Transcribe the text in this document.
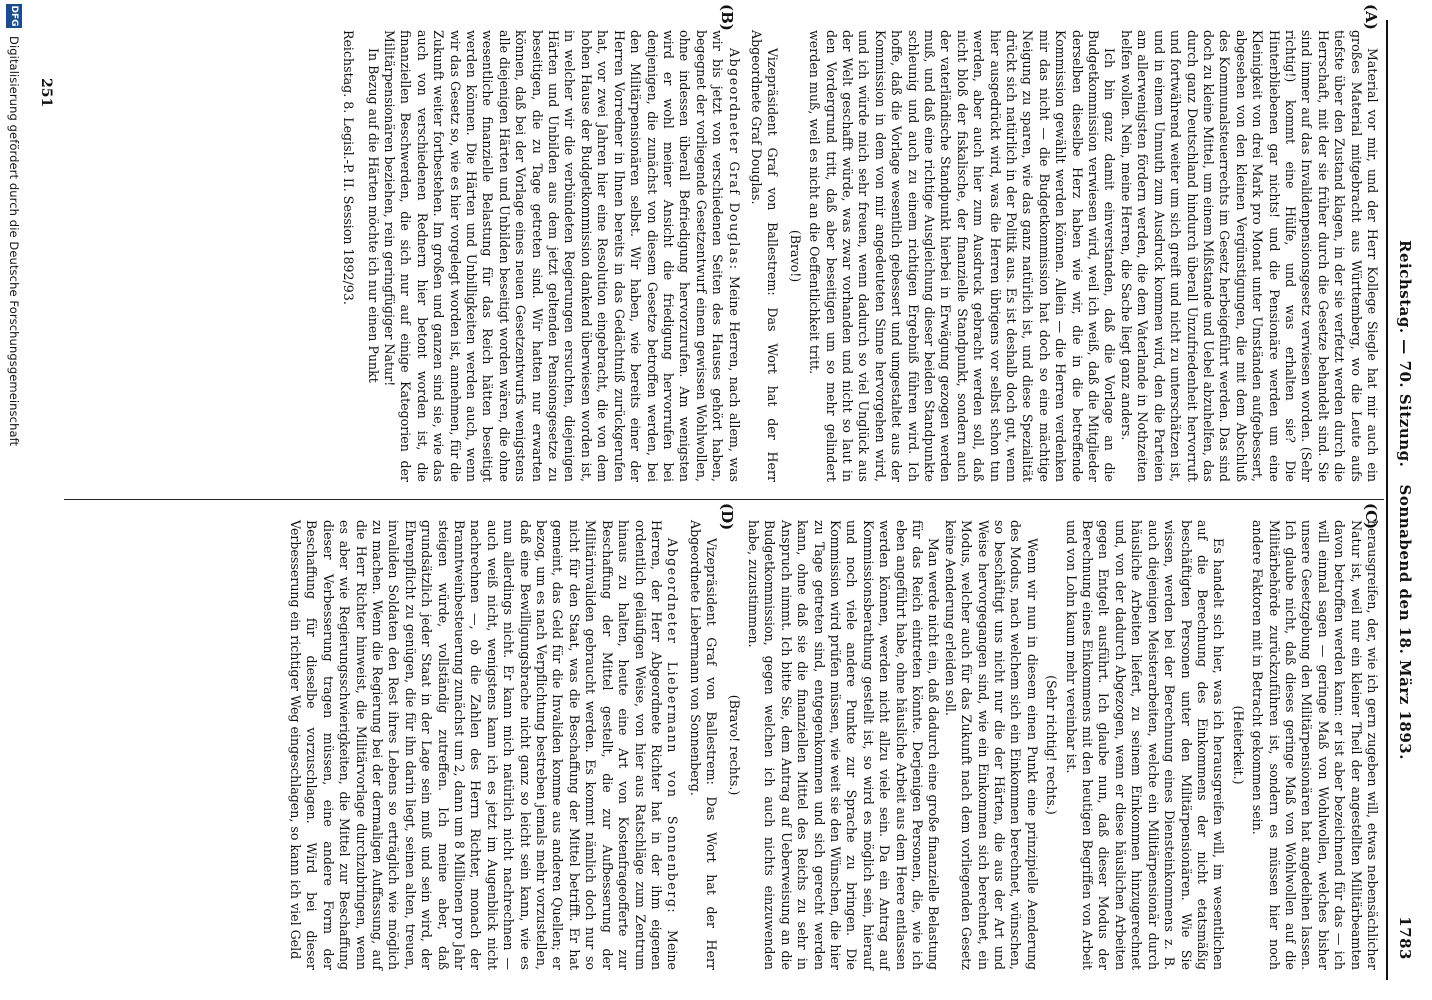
1783
Reichstag. — 70. Sitzung.   Sonnabend den 18. März 1893.
(A)
(B)
(C)
(D)

Material vor mir, und der Herr Kollege Siegle hat mir auch ein großes Material mitgebracht aus Württemberg, wo die Leute aufs tiefste über den Zustand klagen, in der sie verfetzt werden durch die Herrschaft, mit der sie früher durch die Gesetze behandelt sind. Sie sind immer auf das Invalidenpensionsgesetz verwiesen worden. (Sehr richtig!) kommt eine Hülfe, und was erhalten sie? Die Hinterbliebenen gar nichts! und die Pensionäre werden um eine Kleinigkeit von drei Mark pro Monat unter Umständen aufgebessert, abgesehen von den kleinen Vergünstigungen, die mit dem Abschluß des Kommunalsteuerrechts im Gesetz herbeigeführt werden. Das sind doch zu kleine Mittel, um einem Mißstande und Uebel abzuhelfen, das durch ganz Deutschland hindurch überall Unzufriedenheit hervorruft und fortwährend weiter um sich greift und nicht zu unterschätzen ist, und in einem Unmuth zum Ausdruck kommen wird, den die Parteien am allerwenigsten fördern werden, die dem Vaterlande in Nothzeiten helfen wollen. Nein, meine Herren, die Sache liegt ganz anders.

Ich bin ganz damit einverstanden, daß die Vorlage an die Budgetkommission verwiesen wird, weil ich weiß, daß die Mitglieder derselben dieselbe Herz haben wie wir, die in die betreffende Kommission gewählt werden können. Allein — die Herren verdenken mir das nicht — die Budgetkommission hat doch so eine mächtige Neigung zu sparen, wie das ganz natürlich ist, und diese Spezialität drückt sich natürlich in der Politik aus. Es ist deshalb doch gut, wenn hier ausgedrückt wird, was die Herren übrigens vor selbst schon tun werden, aber auch hier zum Ausdruck gebracht werden soll, daß nicht bloß der fiskalische, der finanzielle Standpunkt, sondern auch der vaterländische Standpunkt hierbei in Erwägung gezogen werden muß, und daß eine richtige Ausgleichung dieser beiden Standpunkte schleunig und auch zu einem richtigen Ergebniß führen wird. Ich hoffe, daß die Vorlage wesentlich gebessert und umgestaltet aus der Kommission in dem von mir angedeuteten Sinne hervorgehen wird, und ich würde mich sehr freuen, wenn dadurch so viel Unglück aus der Welt geschafft würde, was zwar vorhanden und nicht so laut in den Vordergrund tritt, daß aber beseitigen um so mehr gelindert werden muß, weil es nicht an die Oeffentlichkeit tritt.

(Bravo!)

Vizepräsident Graf von Ballestrem: Das Wort hat der Herr Abgeordnete Graf Douglas.

Abgeordneter Graf Douglas: Meine Herren, nach allem, was wir bis jetzt von verschiedenen Seiten des Hauses gehört haben, begegnet der vorliegende Gesetzentwurf einem gewissen Wohlwollen, ohne indessen überall Befriedigung hervorzurufen. Am wenigsten wird er wohl meiner Ansicht die friedigung hervorrufen bei denjenigen, die zunächst von diesem Gesetze betroffen werden, bei den Militärpensionären selbst. Wir haben, wie bereits einer der Herren Vorredner in Ihnen bereits in das Gedächtniß zurückgerufen hat, vor zwei Jahren hier eine Resolution eingebracht, die von dem hohen Hause der Budgetkommission dankend überwiesen worden ist, in welcher wir die verbündeten Regierungen ersuchten, diejenigen Härten und Unbilden aus dem jetzt geltenden Pensionsgesetze zu beseitigen, die zu Tage getreten sind. Wir hatten nur erwarten können, daß bei der Vorlage eines neuen Gesetzentwurfs wenigstens alle diejenigen Härten und Unbilden beseitigt worden wären, die ohne wesentliche finanzielle Belastung für das Reich hätten beseitigt werden können. Die Härten und Unbilligkeiten werden auch, wenn wir das Gesetz so, wie es hier vorgelegt worden ist, annehmen, für die Zukunft weiter fortbestehen. Im großen und ganzen sind sie, wie das auch von verschiedenen Rednern hier betont worden ist, die finanziellen Beschwerden, die sich nur auf einige Kategorien der Militärpensionären beziehen, rein geringfügiger Natur!

In Bezug auf die Härten möchte ich nur einen Punkt

Reichstag. 8. Legisl.-P. II. Session 1892/93.

herausgreifen, der, wie ich gern zugeben will, etwas nebensächlicher Natur ist, weil nur ein kleiner Theil der angestellten Militärbeamten davon betroffen werden kann: er ist aber bezeichnend für das — ich will einmal sagen — geringe Maß von Wohlwollen, welches bisher unsere Gesetzgebung den Militärpensionären hat angedeihen lassen. Ich glaube nicht, daß dieses geringe Maß von Wohlwollen auf die Militärbehörde zurückzuführen ist, sondern es müssen hier noch andere Faktoren mit in Betracht gekommen sein.

(Heiterkeit.)

Es handelt sich hier, was ich herausgreifen will, im wesentlichen auf die Berechnung des Einkommens der nicht etatsmäßig beschäftigten Personen unter den Militärpensionären. Wie Sie wissen, werden bei der Berechnung eines Diensteinkommens z. B. auch diejenigen Meisterarbeiten, welche ein Militärpensionär durch häusliche Arbeiten liefert, zu seinem Einkommen hinzugerechnet und, von der dadurch Abgezogen, wenn er diese häuslichen Arbeiten gegen Entgelt ausführt. Ich glaube nun, daß dieser Modus der Berechnung eines Einkommens mit den heutigen Begriffen von Arbeit und von Lohn kaum mehr vereinbar ist.

(Sehr richtig! rechts.)

Wenn wir nun in diesem einen Punkt eine prinzipielle Aenderung des Modus, nach welchem sich ein Einkommen berechnet, wünschen, so beschäftigt uns nicht nur die der Härten, die aus der Art und Weise hervorgegangen sind, wie ein Einkommen sich berechnet, ein Modus, welcher auch für das Zukunft nach dem vorliegenden Gesetz keine Aenderung erleiden soll.

Man werde nicht ein, daß dadurch eine große finanzielle Belastung für das Reich eintreten könnte. Derjenigen Personen, die, wie ich eben angeführt habe, ohne häusliche Arbeit aus dem Heere entlassen werden können, werden nicht allzu viele sein. Da ein Antrag auf Kommissionsberathung gestellt ist, so wird es möglich sein, hierauf und noch viele andere Punkte zur Sprache zu bringen. Die Kommission wird prüfen müssen, wie weit sie den Wünschen, die hier zu Tage getreten sind, entgegenkommen und sich gerecht werden kann, ohne daß sie die finanziellen Mittel des Reichs zu sehr in Anspruch nimmt. Ich bitte Sie, dem Antrag auf Ueberweisung an die Budgetkommission, gegen welchen ich auch nichts einzuwenden habe, zuzustimmen.

(Bravo! rechts.)

Vizepräsident Graf von Ballestrem: Das Wort hat der Herr Abgeordnete Liebermann von Sonnenberg.

Abgeordneter Liebermann von Sonnenberg: Meine Herren, der Herr Abgeordnete Richter hat in der ihm eigenen ordentlich geläufigen Weise, von hier aus Ratschläge zum Zentrum hinaus zu halten, heute eine Art von Kostenfrageofferte zur Beschaffung der Mittel gestellt, die zur Aufbesserung der Militärinvaliden gebraucht werden. Es kommt nämlich doch nur so nicht für den Staat, was die Beschaffung der Mittel betrifft. Er hat gemeint, das Geld für die Invaliden komme aus anderen Quellen; er bezog, um es nach Verpflichtung bestreben jemals mehr vorzustellen, daß eine Bewilligungsbrache nicht ganz so leicht sein kann, wie es nun allerdings nicht. Er kann mich natürlich nicht nachrechnen — auch weiß nicht, wenigstens kann ich es jetzt im Augenblick nicht nachrechnen —, ob die Zahlen des Herrn Richter, monach der Branntweinbesteuerung zunächst um 2, dann um 8 Millionen pro Jahr steigen würde, vollständig zutreffen. Ich meine aber, daß grundsätzlich jeder Staat in der Lage sein muß und sein wird, der Ehrenpflicht zu genügen, die für ihn darin liegt, seinen alten, treuen, invaliden Soldaten den Rest ihres Lebens so erträglich wie möglich zu machen. Wenn die Regierung bei der dermaligen Auffassung, auf die Herr Richter hinweist, die Militärvorlage durchzubringen, wenn es aber wie Regierungsschwierigkeiten, die Mittel zur Beschaffung dieser Verbesserung tragen müssen, eine andere Form der Beschaffung für dieselbe vorzuschlagen. Wird bei dieser Verbesserung ein richtiger Weg eingeschlagen, so kann ich viel Geld

251
DFG
Digitalisierung gefördert durch die Deutsche Forschungsgemeinschaft
